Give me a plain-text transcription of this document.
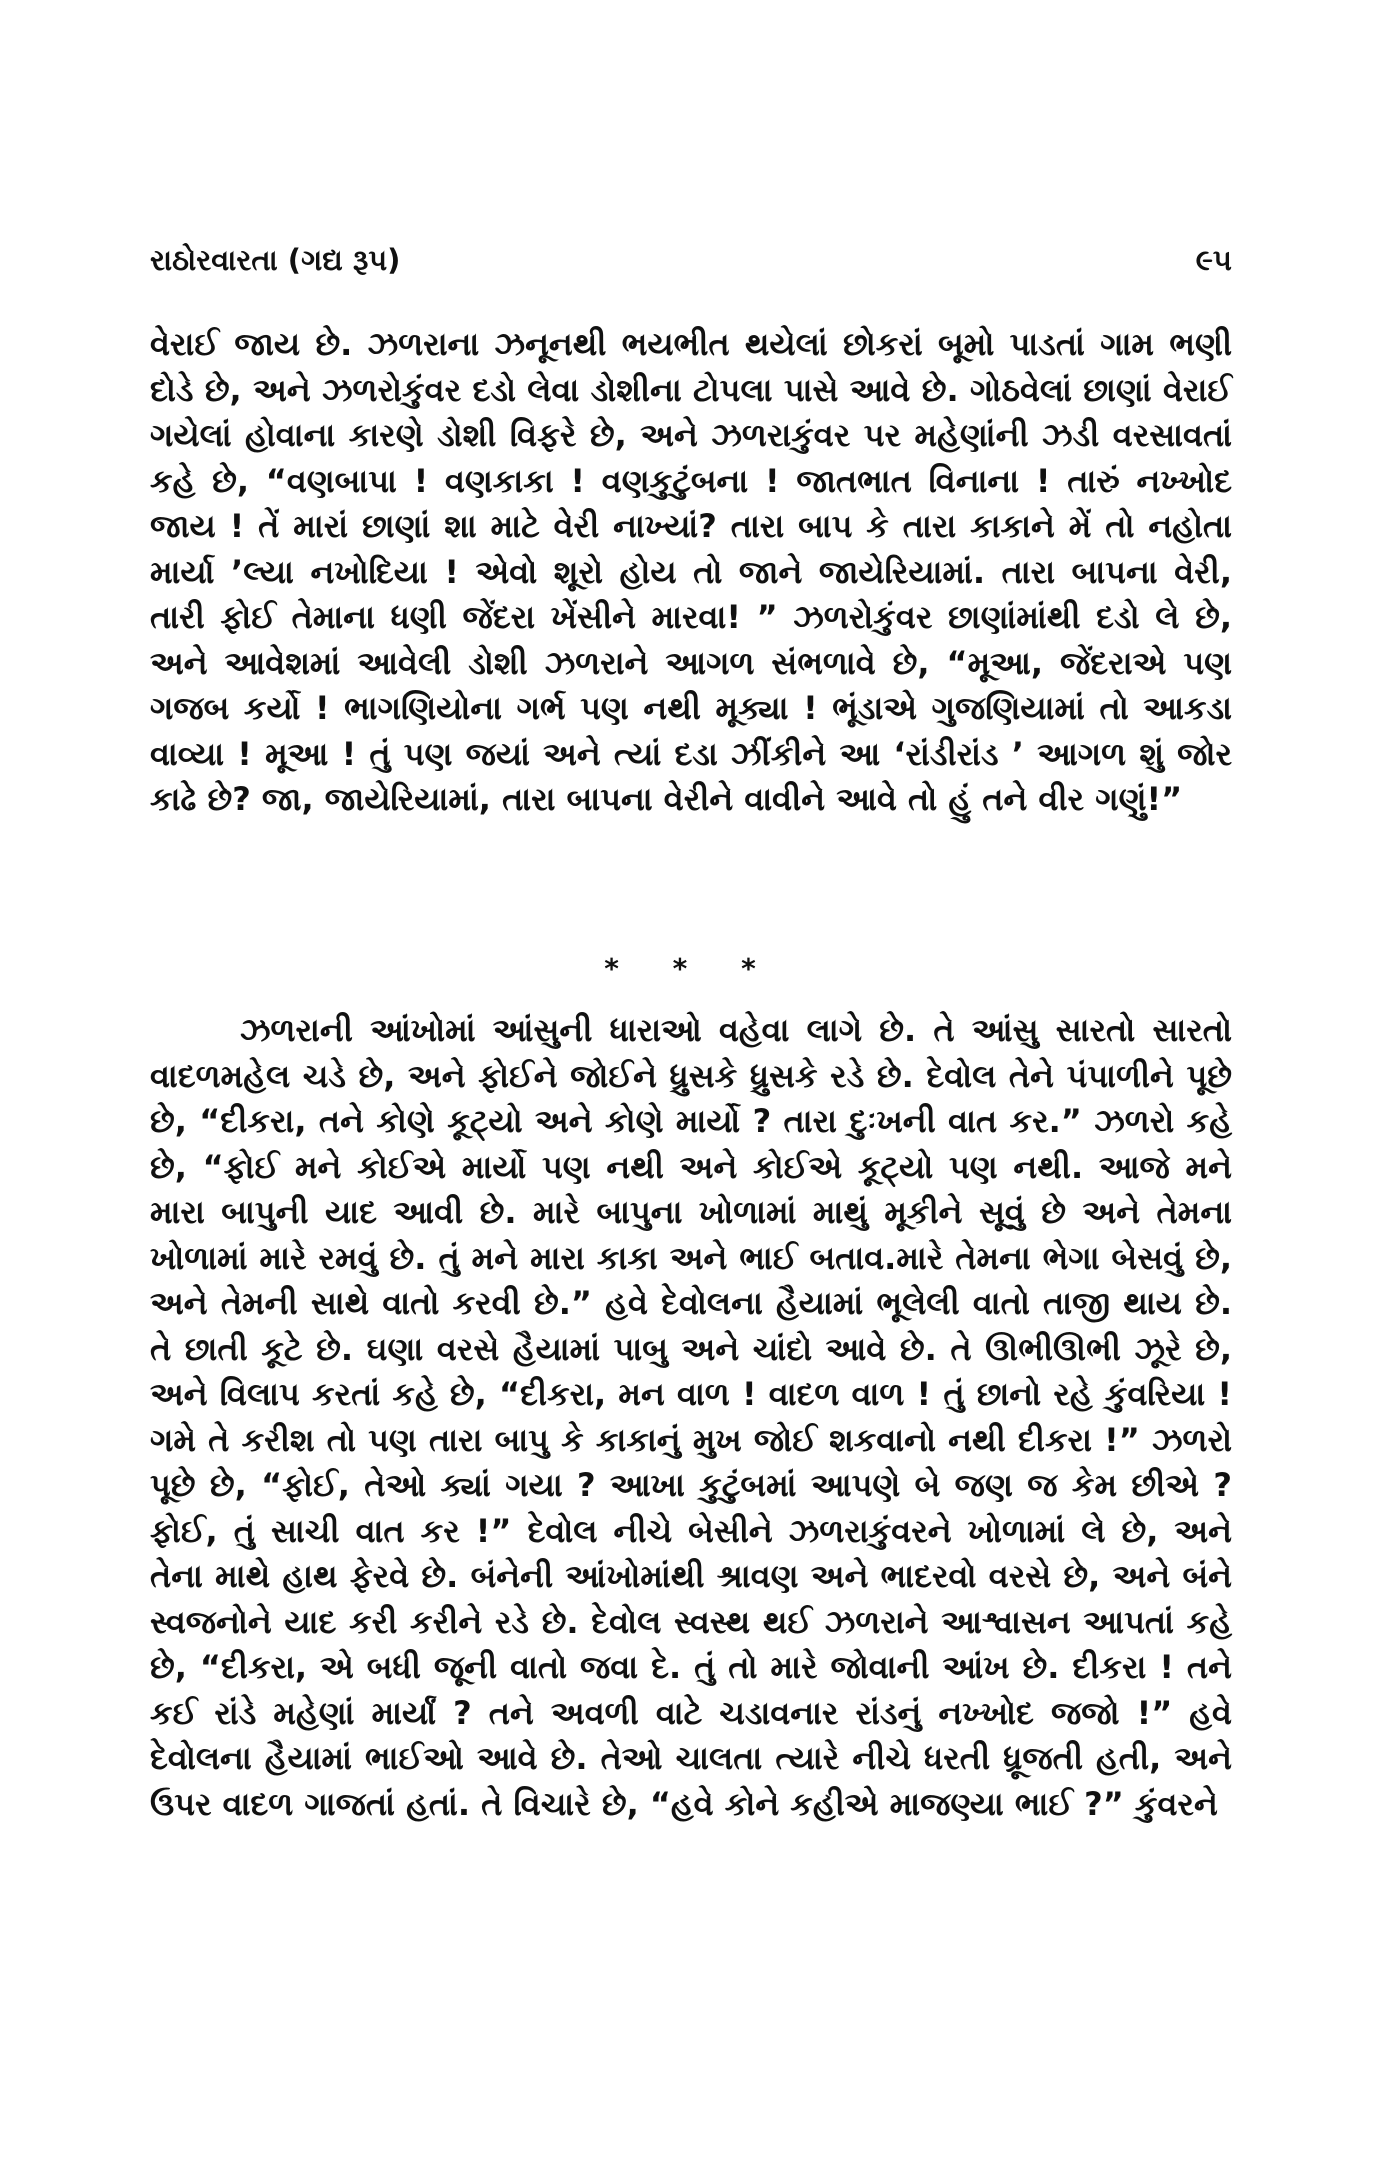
રાઠોરવારતા (ગદ્ય રૂપ)	૯૫

વેરાઈ જાય છે. ઝળરાના ઝનૂનથી ભયભીત થયેલાં છોકરાં બૂમો પાડતાં ગામ ભણી દોડે છે, અને ઝળરોકુંવર દડો લેવા ડોશીના ટોપલા પાસે આવે છે. ગોઠવેલાં છાણાં વેરાઈ ગયેલાં હોવાના કારણે ડોશી વિફરે છે, અને ઝળરાકુંવર પર મહેણાંની ઝડી વરસાવતાં કહે છે, “વણબાપા ! વણકાકા ! વણકુટુંબના ! જાતભાત વિનાના ! તારું નખ્ખોદ જાય ! તેં મારાં છાણાં શા માટે વેરી નાખ્યાં? તારા બાપ કે તારા કાકાને મેં તો નહોતા માર્યા ’લ્યા નખોદિયા ! એવો શૂરો હોય તો જાને જાયેરિયામાં. તારા બાપના વેરી, તારી ફોઈ તેમાના ધણી જેંદરા ખેંસીને મારવા! ” ઝળરોકુંવર છાણાંમાંથી દડો લે છે, અને આવેશમાં આવેલી ડોશી ઝળરાને આગળ સંભળાવે છે, “મૂઆ, જેંદરાએ પણ ગજબ કર્યો ! ભાગણિયોના ગર્ભ પણ નથી મૂક્યા ! ભૂંડાએ ગુજણિયામાં તો આકડા વાવ્યા ! મૂઆ ! તું પણ જયાં અને ત્યાં દડા ઝીંકીને આ ‘રાંડીરાંડ ’ આગળ શું જોર કાઢે છે? જા, જાયેરિયામાં, તારા બાપના વેરીને વાવીને આવે તો હું તને વીર ગણું!”

* * *

ઝળરાની આંખોમાં આંસુની ધારાઓ વહેવા લાગે છે. તે આંસુ સારતો સારતો વાદળમહેલ ચડે છે, અને ફોઈને જોઈને ધ્રુસકે ધ્રુસકે રડે છે. દેવોલ તેને પંપાળીને પૂછે છે, “દીકરા, તને કોણે કૂટ્યો અને કોણે માર્યો ? તારા દુઃખની વાત કર.” ઝળરો કહે છે, “ફોઈ મને કોઈએ માર્યો પણ નથી અને કોઈએ કૂટ્યો પણ નથી. આજે મને મારા બાપુની યાદ આવી છે. મારે બાપુના ખોળામાં માથું મૂકીને સૂવું છે અને તેમના ખોળામાં મારે રમવું છે. તું મને મારા કાકા અને ભાઈ બતાવ.મારે તેમના ભેગા બેસવું છે, અને તેમની સાથે વાતો કરવી છે.” હવે દેવોલના હૈયામાં ભૂલેલી વાતો તાજી થાય છે. તે છાતી કૂટે છે. ઘણા વરસે હૈયામાં પાબુ અને ચાંદો આવે છે. તે ઊભીઊભી ઝૂરે છે, અને વિલાપ કરતાં કહે છે, “દીકરા, મન વાળ ! વાદળ વાળ ! તું છાનો રહે કુંવરિયા ! ગમે તે કરીશ તો પણ તારા બાપુ કે કાકાનું મુખ જોઈ શકવાનો નથી દીકરા !” ઝળરો પૂછે છે, “ફોઈ, તેઓ ક્યાં ગયા ? આખા કુટુંબમાં આપણે બે જણ જ કેમ છીએ ? ફોઈ, તું સાચી વાત કર !” દેવોલ નીચે બેસીને ઝળરાકુંવરને ખોળામાં લે છે, અને તેના માથે હાથ ફેરવે છે. બંનેની આંખોમાંથી શ્રાવણ અને ભાદરવો વરસે છે, અને બંને સ્વજનોને યાદ કરી કરીને રડે છે. દેવોલ સ્વસ્થ થઈ ઝળરાને આશ્વાસન આપતાં કહે છે, “દીકરા, એ બધી જૂની વાતો જવા દે. તું તો મારે જોવાની આંખ છે. દીકરા ! તને કઈ રાંડે મહેણાં માર્યાં ? તને અવળી વાટે ચડાવનાર રાંડનું નખ્ખોદ જજો !” હવે દેવોલના હૈયામાં ભાઈઓ આવે છે. તેઓ ચાલતા ત્યારે નીચે ધરતી ધ્રૂજતી હતી, અને ઉપર વાદળ ગાજતાં હતાં. તે વિચારે છે, “હવે કોને કહીએ માજણ્યા ભાઈ ?” કુંવરને
